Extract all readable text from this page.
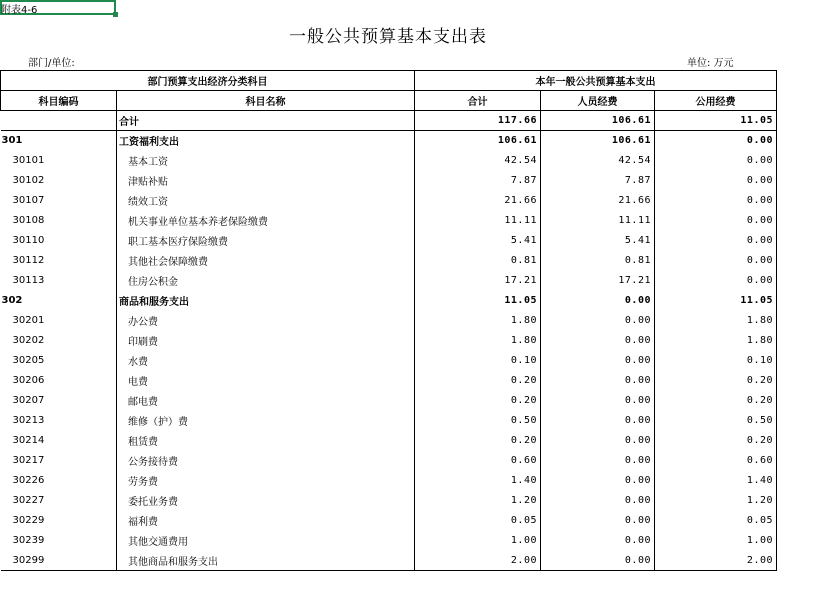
附表4-6
一般公共预算基本支出表
部门/单位:	单位: 万元
部门预算支出经济分类科目		本年一般公共预算基本支出		
科目编码	科目名称	合计	人员经费	公用经费
	合计	117.66	106.61	11.05
301	工资福利支出	106.61	106.61	0.00
30101	基本工资	42.54	42.54	0.00
30102	津贴补贴	7.87	7.87	0.00
30107	绩效工资	21.66	21.66	0.00
30108	机关事业单位基本养老保险缴费	11.11	11.11	0.00
30110	职工基本医疗保险缴费	5.41	5.41	0.00
30112	其他社会保障缴费	0.81	0.81	0.00
30113	住房公积金	17.21	17.21	0.00
302	商品和服务支出	11.05	0.00	11.05
30201	办公费	1.80	0.00	1.80
30202	印刷费	1.80	0.00	1.80
30205	水费	0.10	0.00	0.10
30206	电费	0.20	0.00	0.20
30207	邮电费	0.20	0.00	0.20
30213	维修（护）费	0.50	0.00	0.50
30214	租赁费	0.20	0.00	0.20
30217	公务接待费	0.60	0.00	0.60
30226	劳务费	1.40	0.00	1.40
30227	委托业务费	1.20	0.00	1.20
30229	福利费	0.05	0.00	0.05
30239	其他交通费用	1.00	0.00	1.00
30299	其他商品和服务支出	2.00	0.00	2.00
